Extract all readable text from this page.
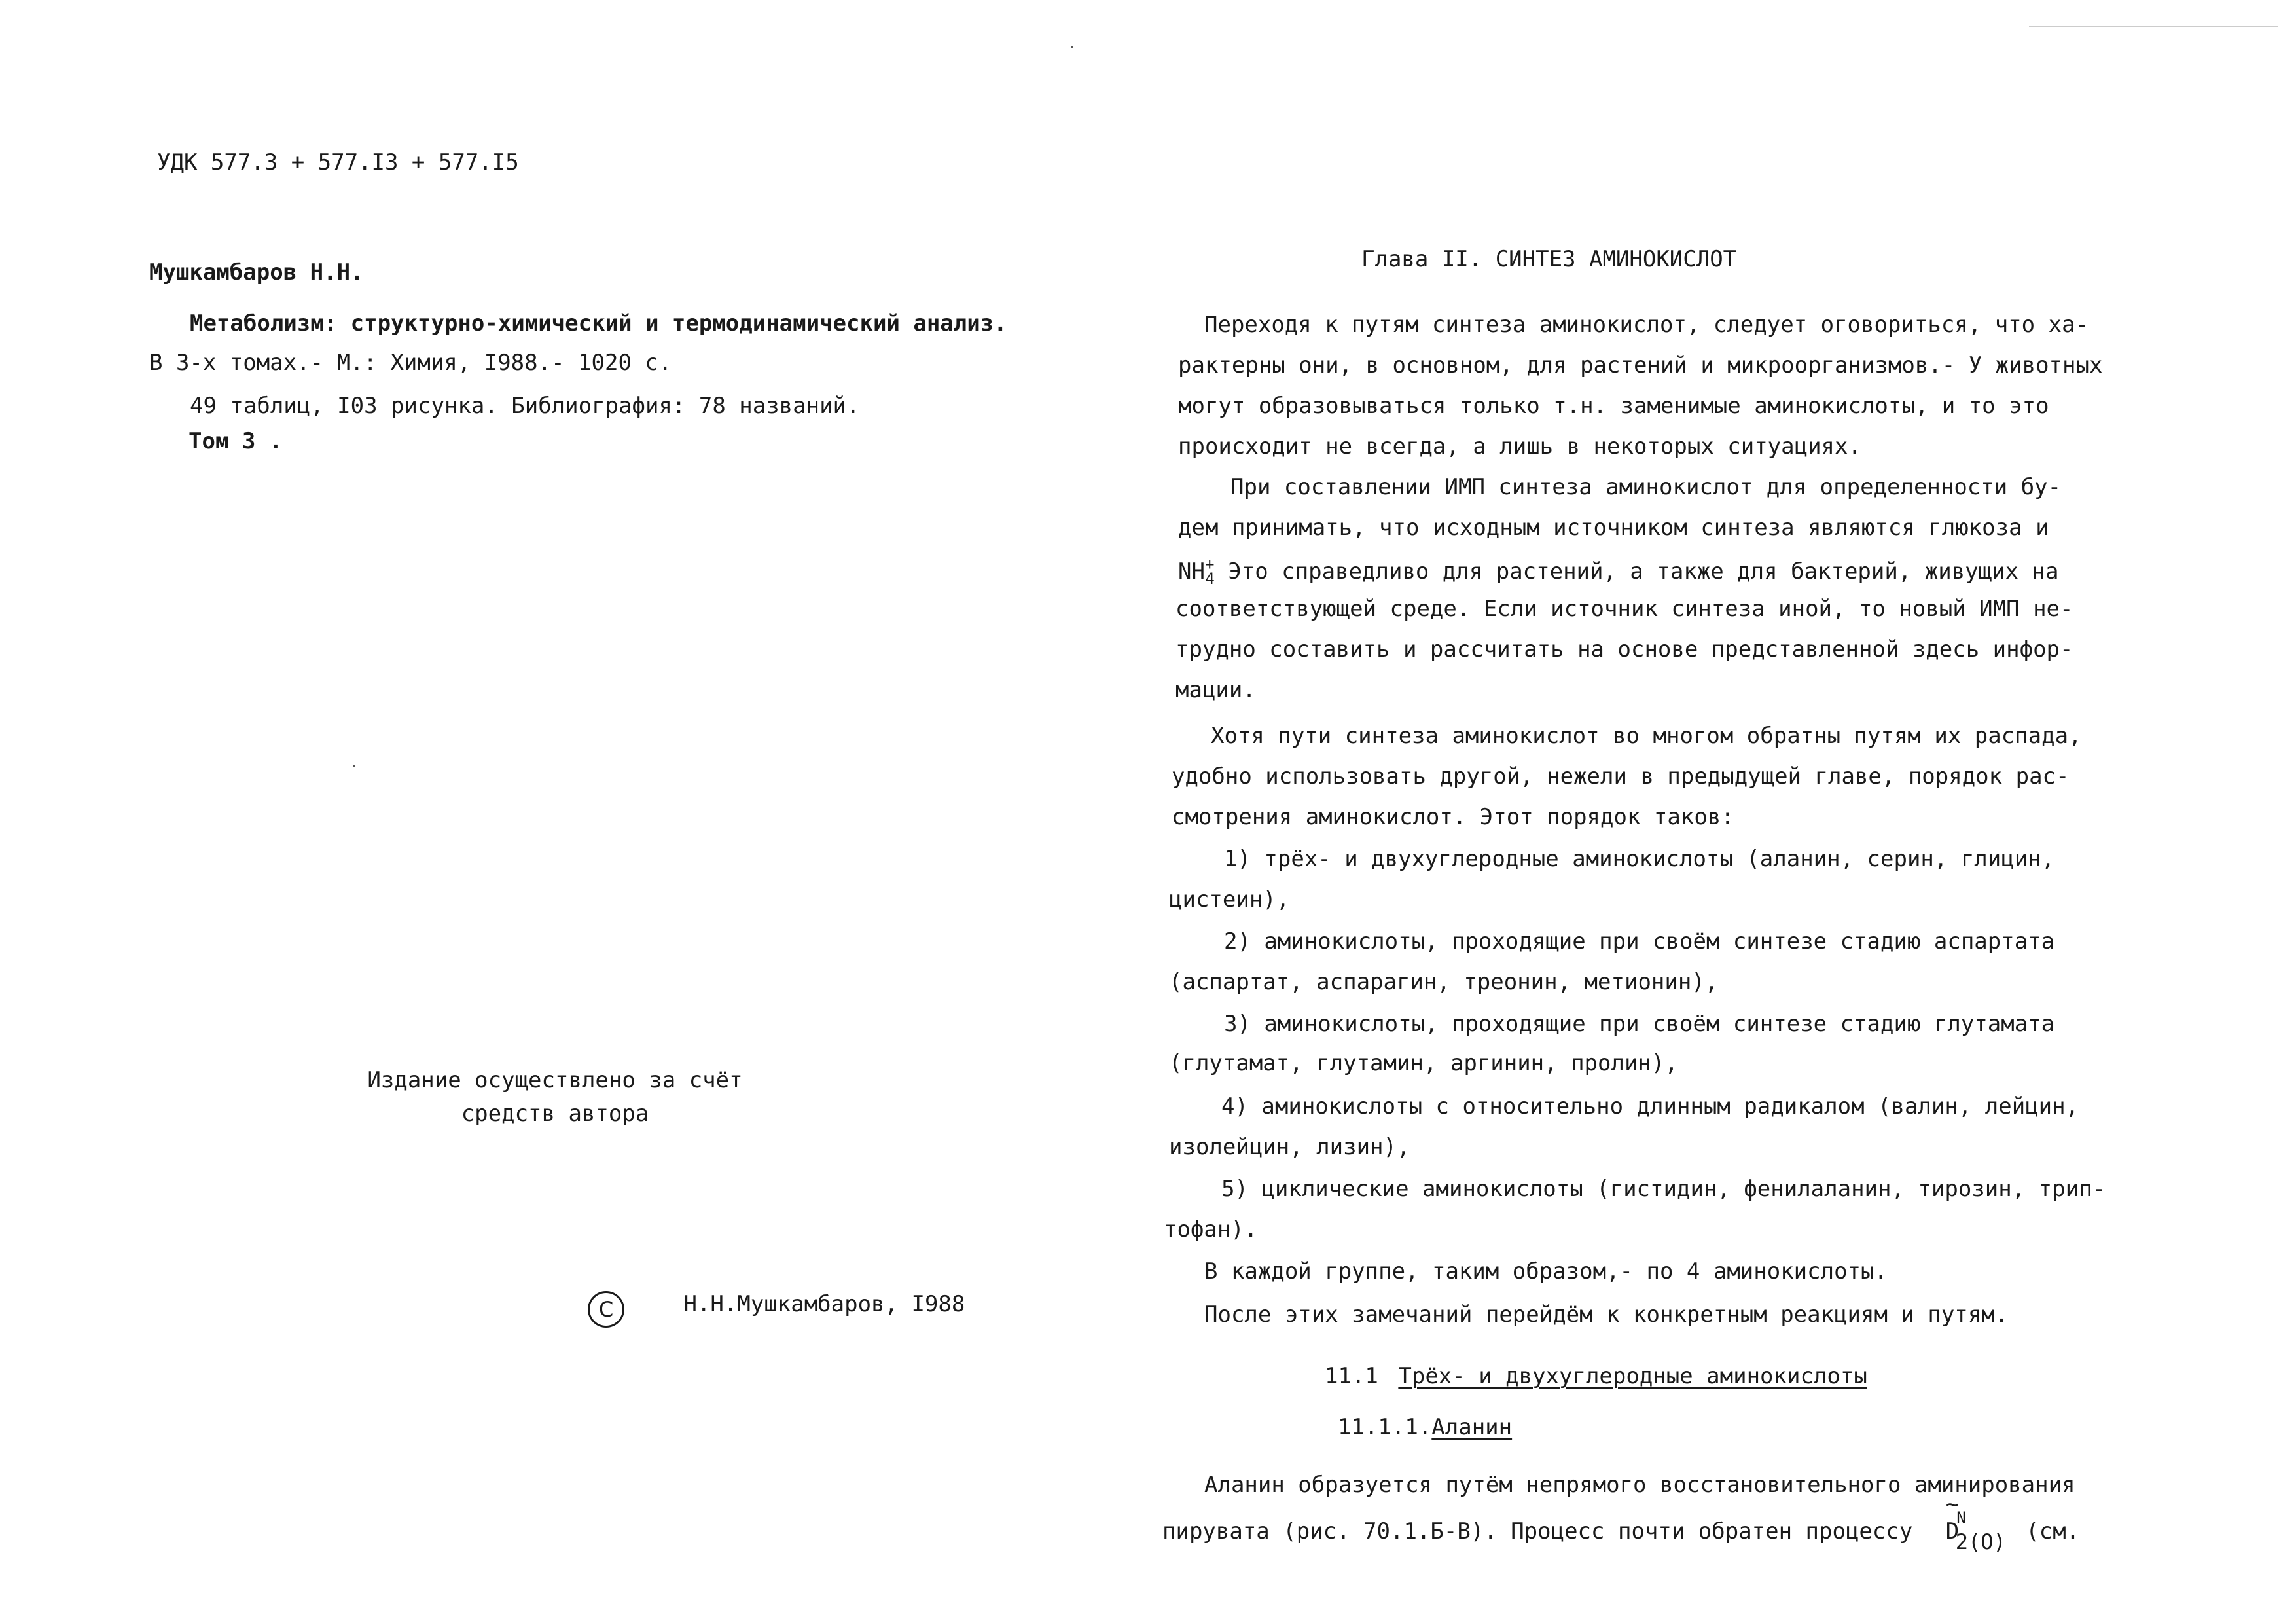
УДК 577.3 + 577.I3 + 577.I5
Мушкамбаров Н.Н.
Метаболизм: структурно-химический и термодинамический анализ.
В 3-х томах.- М.: Химия, I988.- 1020 с.
49 таблиц, I03 рисунка. Библиография: 78 названий.
Том 3 .
Издание осуществлено за счёт
средств автора
C	Н.Н.Мушкамбаров, I988
Глава II. СИНТЕЗ АМИНОКИСЛОТ
Переходя к путям синтеза аминокислот, следует оговориться, что ха-
рактерны они, в основном, для растений и микроорганизмов.- У животных
могут образовываться только т.н. заменимые аминокислоты, и то это
происходит не всегда, а лишь в некоторых ситуациях.
При составлении ИМП синтеза аминокислот для определенности бу-
дем принимать, что исходным источником синтеза являются глюкоза и
$NH^+_4$ Это справедливо для растений, а также для бактерий, живущих на
соответствующей среде. Если источник синтеза иной, то новый ИМП не-
трудно составить и рассчитать на основе представленной здесь инфор-
мации.
Хотя пути синтеза аминокислот во многом обратны путям их распада,
удобно использовать другой, нежели в предыдущей главе, порядок рас-
смотрения аминокислот. Этот порядок таков:
1) трёх- и двухуглеродные аминокислоты (аланин, серин, глицин,
цистеин),
2) аминокислоты, проходящие при своём синтезе стадию аспартата
(аспартат, аспарагин, треонин, метионин),
3) аминокислоты, проходящие при своём синтезе стадию глутамата
(глутамат, глутамин, аргинин, пролин),
4) аминокислоты с относительно длинным радикалом (валин, лейцин,
изолейцин, лизин),
5) циклические аминокислоты (гистидин, фенилаланин, тирозин, трип-
тофан).
В каждой группе, таким образом,- по 4 аминокислоты.
После этих замечаний перейдём к конкретным реакциям и путям.
11.1 Трёх- и двухуглеродные аминокислоты
11.1.1.Аланин
Аланин образуется путём непрямого восстановительного аминирования
пирувата (рис. 70.1.Б-В). Процесс почти обратен процессу
~
$D^N2(O)$ (см.
